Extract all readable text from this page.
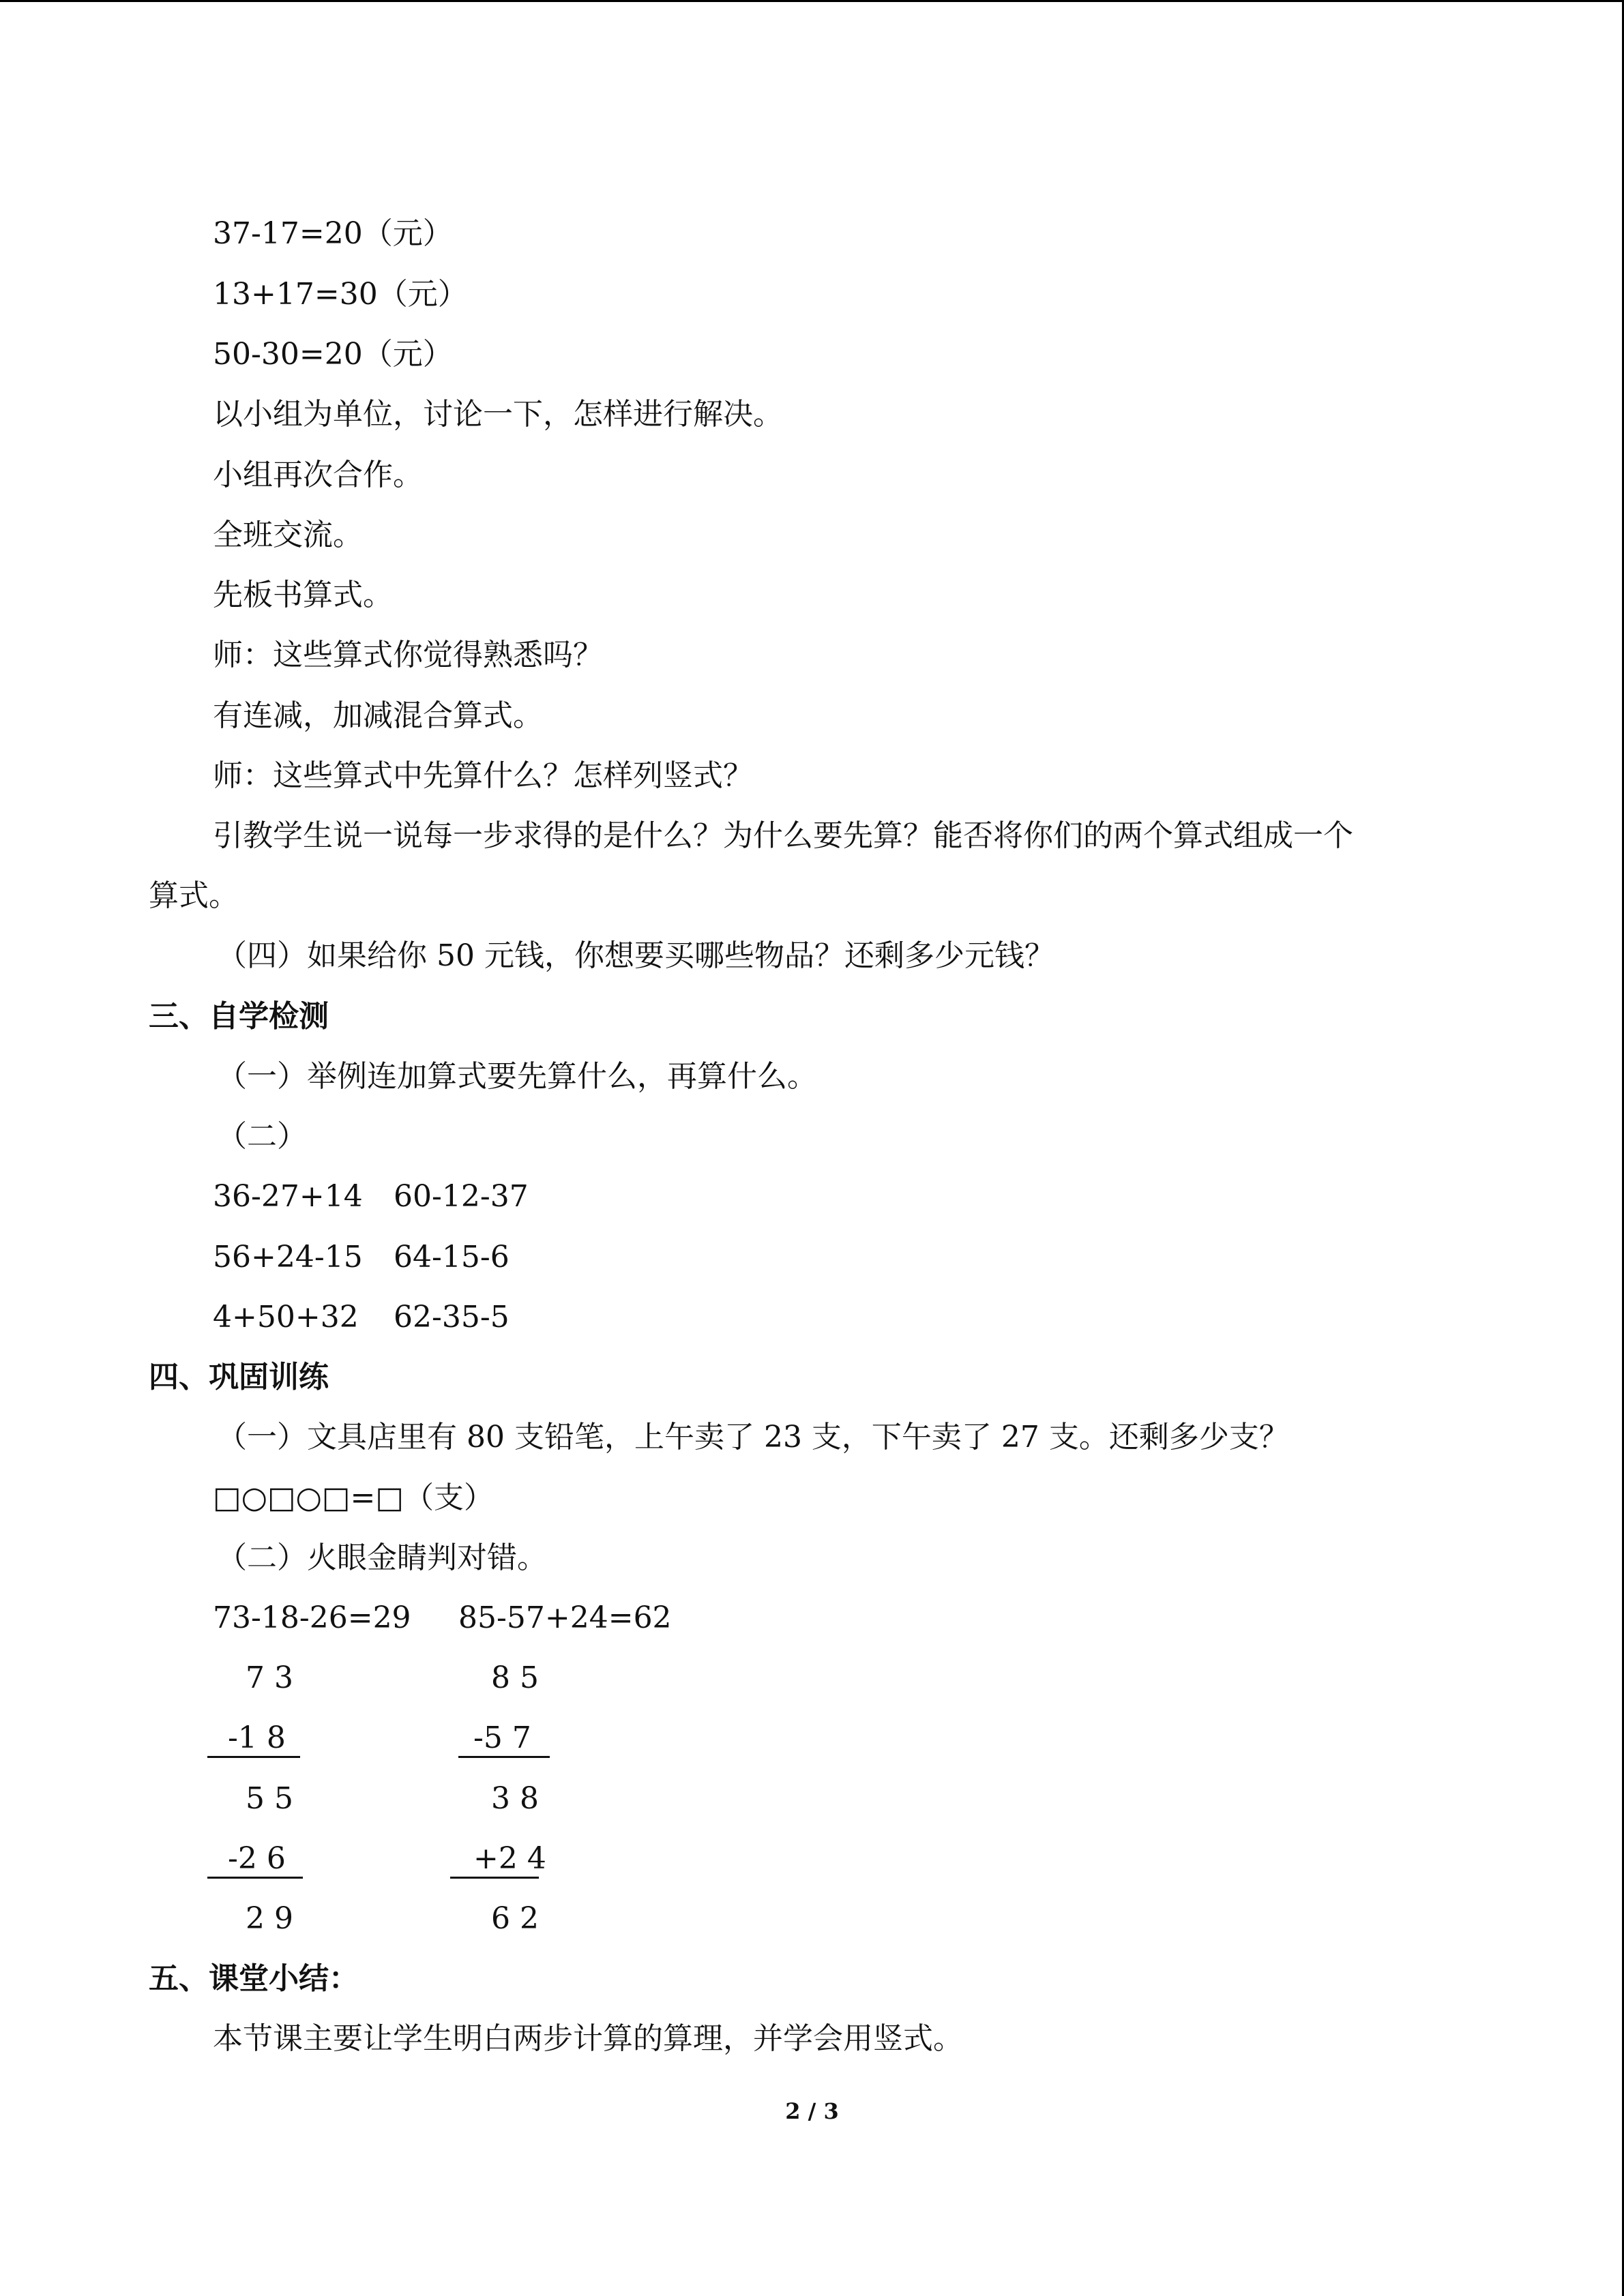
37-17=20（元）
13+17=30（元）
50-30=20（元）
以小组为单位，讨论一下，怎样进行解决。
小组再次合作。
全班交流。
先板书算式。
师：这些算式你觉得熟悉吗？
有连减，加减混合算式。
师：这些算式中先算什么？怎样列竖式？
引教学生说一说每一步求得的是什么？为什么要先算？能否将你们的两个算式组成一个
算式。
（四）如果给你 50 元钱，你想要买哪些物品？还剩多少元钱？
三、自学检测
（一）举例连加算式要先算什么，再算什么。
（二）
36-27+14 60-12-37
56+24-15 64-15-6
4+50+32 62-35-5
四、巩固训练
（一）文具店里有 80 支铅笔，上午卖了 23 支，下午卖了 27 支。还剩多少支？
□○□○□=□（支）
（二）火眼金睛判对错。
73-18-26=29 85-57+24=62
7 3
-1 8
5 5
-2 6
2 9
8 5
-5 7
3 8
+2 4
6 2
五、课堂小结：
本节课主要让学生明白两步计算的算理，并学会用竖式。
2 / 3
